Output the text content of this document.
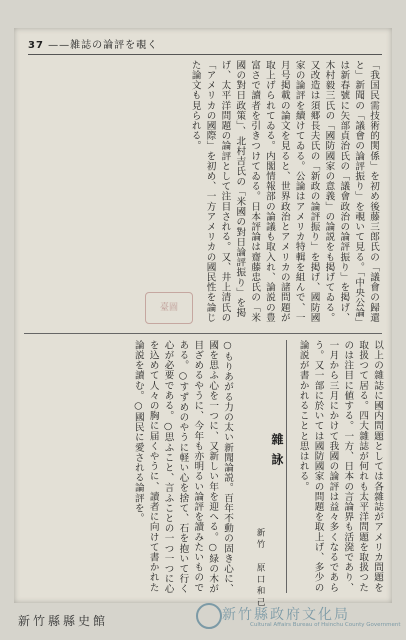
37 ——雑誌の論評を覗く
「我国民需技術的関係」を初め後藤三郎氏の「議會の歸還と」新聞の「議會の論評振り」を覗いて見る。「中央公論」は新春號に矢部貞治氏の「議會政治の論評振り」を掲げ、木村毅三氏の「國防國家の意義」の論説をも掲げてゐる。又改造は須郷長夫氏の「新政の論評振り」を掲げ、國防國家の論評を續けてゐる。公論はアメリカ特輯を組んで、一月号掲載の論文を見ると、世界政治とアメリカの諸問題が取上げられてゐる。内閣情報部の論議も取入れ、論説の豊富さで讀者を引きつけてゐる。日本評論は齋藤忠氏の「米國の對日政策」、北村吉氏の「米國の對日論評振り」を掲げ、太平洋問題の論評として注目される。又、井上清氏の「アメリカの國際」を初め、一方アメリカの國民性を論じた論文も見られる。
○もりあがる力の太い新聞論説。百年不動の固き心に、國を思ふ心を一つに、又新しい年を迎へる。○緑の木が目ざめるやうに、今年も亦明るい論評を讀みたいものである。○すずめのやうに軽い心を捨て、石を抱いて行く心が必要である。○思ふこと、言ふことの一つ一つに心を込めて人々の胸に届くやうに、讀者に向けて書かれた論説を讀む。○國民に愛される論評を。	雜詠
新竹　原口和己	以上の雜誌に國内問題としては各雜誌がアメリカ問題を取扱つて居る。四大雜誌が何れも太平洋問題を取扱つたのは注目に値する。一方、日本の言論界も活溌であり、一月から三月にかけて我國の論評は益々多くなるであらう。又一部に於いては國防國家の問題を取上げ、多少の論説が書かれることと思はれる。
臺圖
新竹縣縣史館	新竹縣政府文化局
Cultural Affairs Bureau of Hsinchu County Government
